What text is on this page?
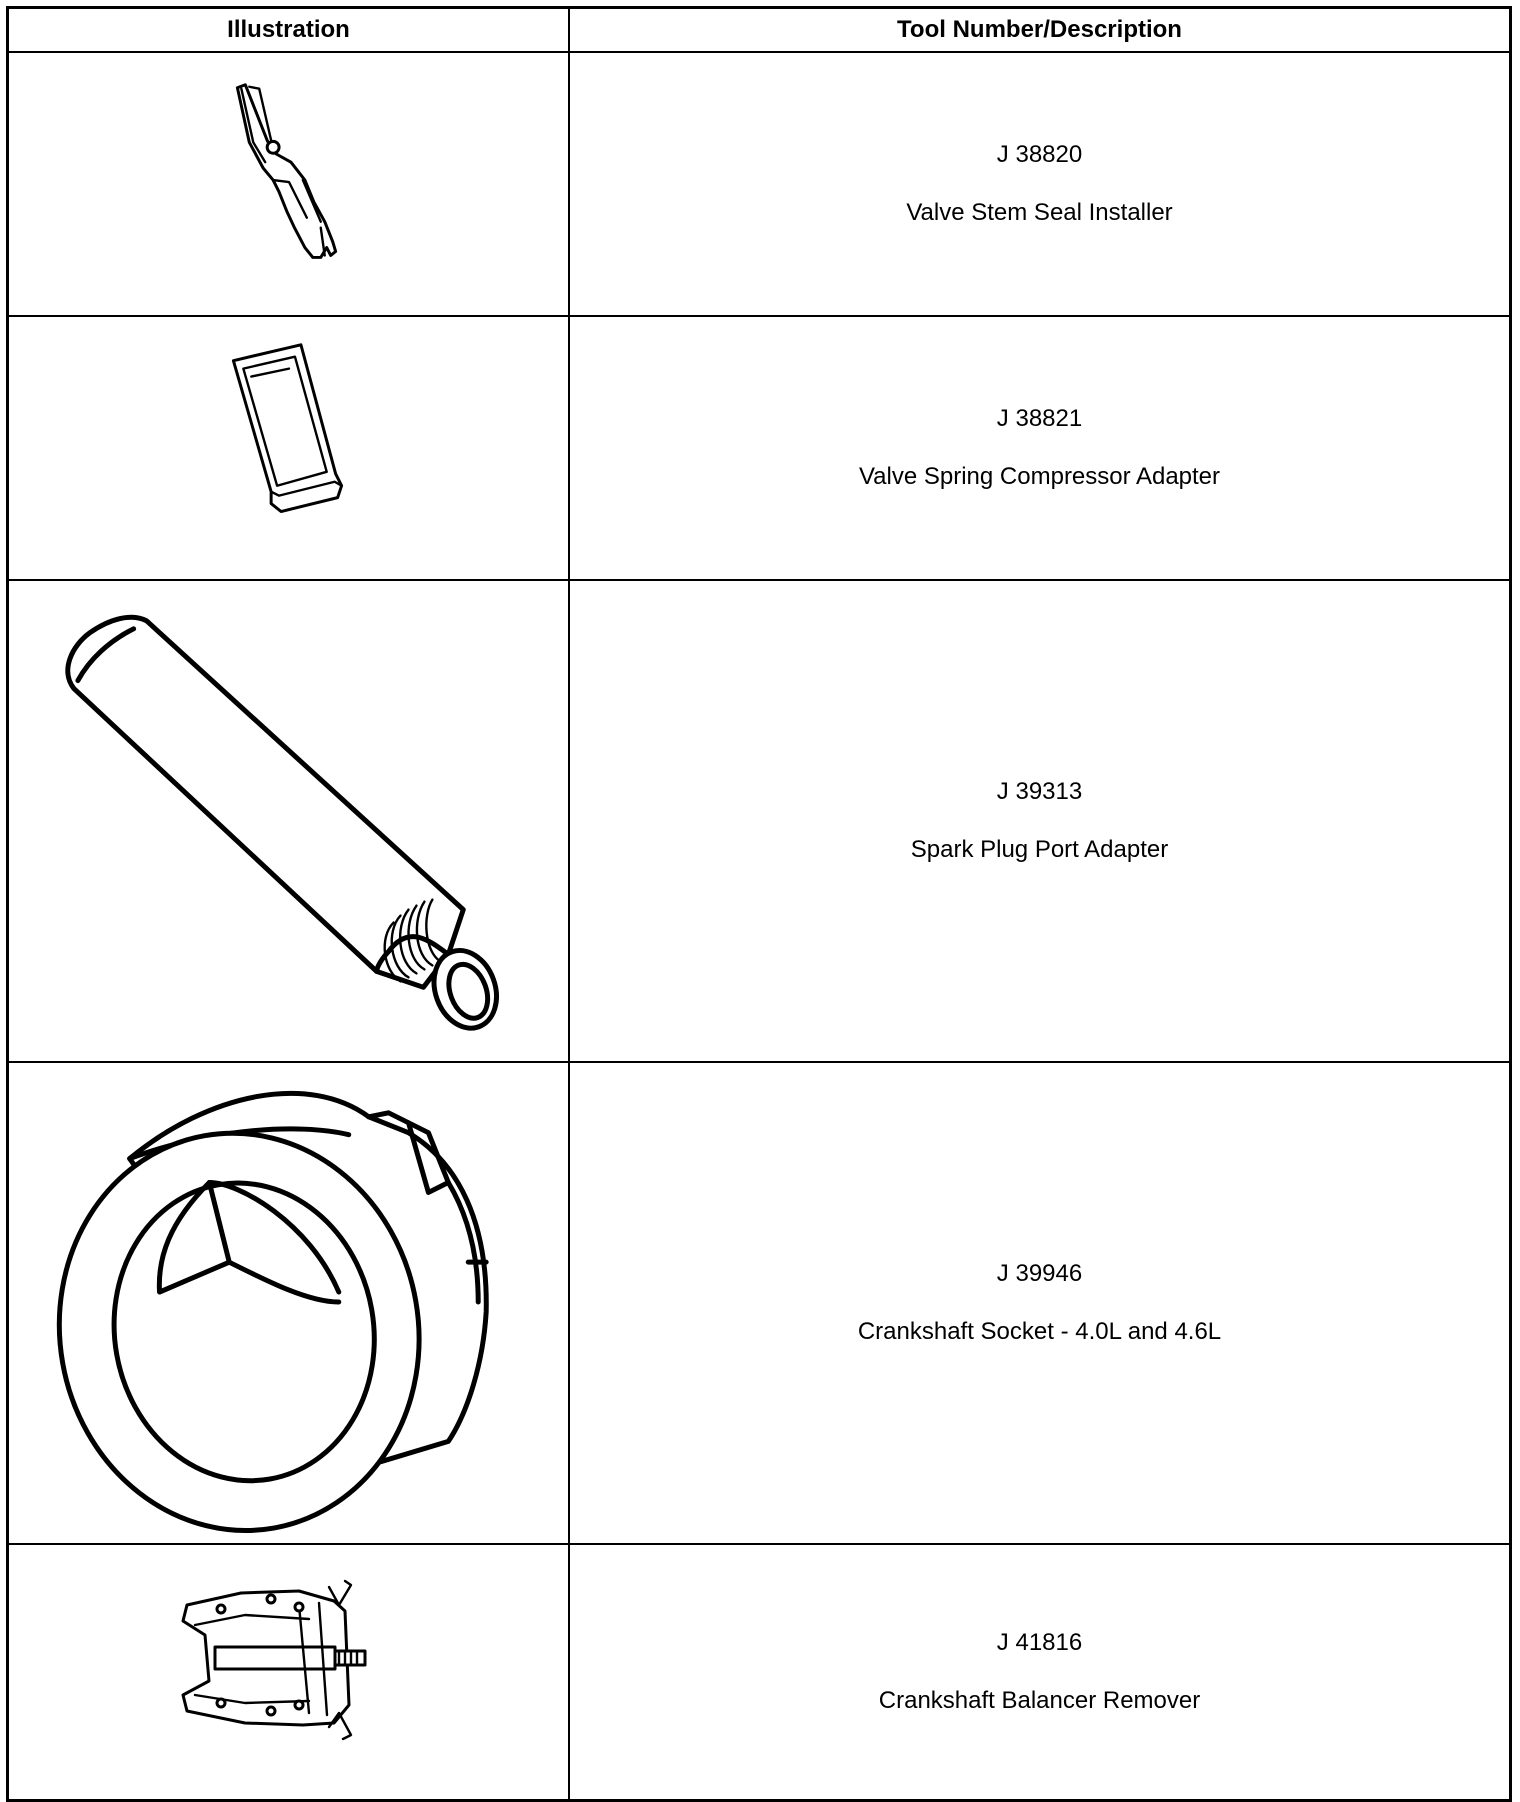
Illustration	Tool Number/Description
J 38820
Valve Stem Seal Installer
J 38821
Valve Spring Compressor Adapter
J 39313
Spark Plug Port Adapter
J 39946
Crankshaft Socket - 4.0L and 4.6L
J 41816
Crankshaft Balancer Remover
